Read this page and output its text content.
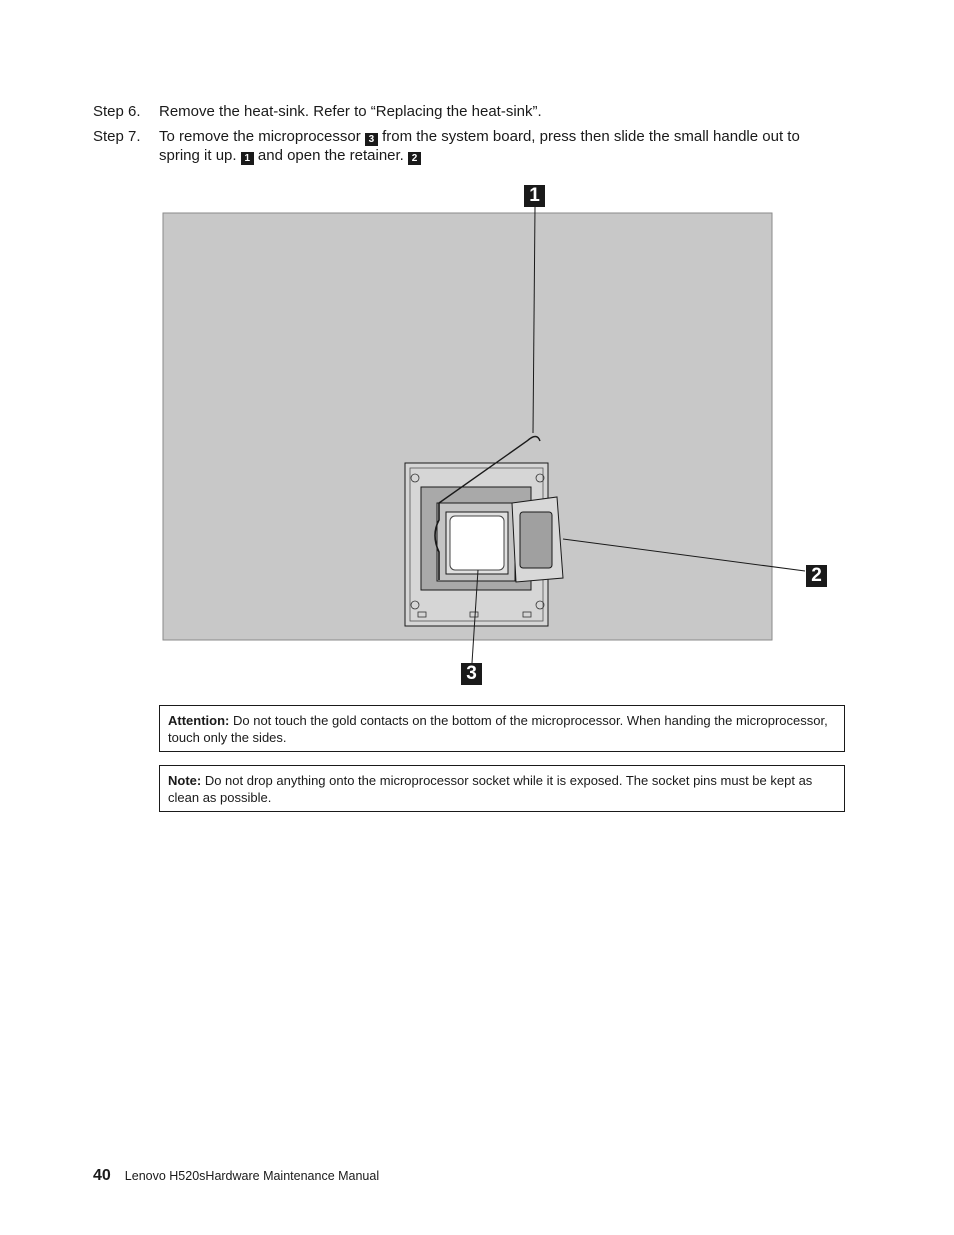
Step 6.	Remove the heat-sink. Refer to “Replacing the heat-sink”.
Step 7.	To remove the microprocessor 3 from the system board, press then slide the small handle out to spring it up. 1 and open the retainer. 2
1
2
3
Attention: Do not touch the gold contacts on the bottom of the microprocessor. When handing the microprocessor, touch only the sides.
Note: Do not drop anything onto the microprocessor socket while it is exposed. The socket pins must be kept as clean as possible.
40 Lenovo H520sHardware Maintenance Manual
